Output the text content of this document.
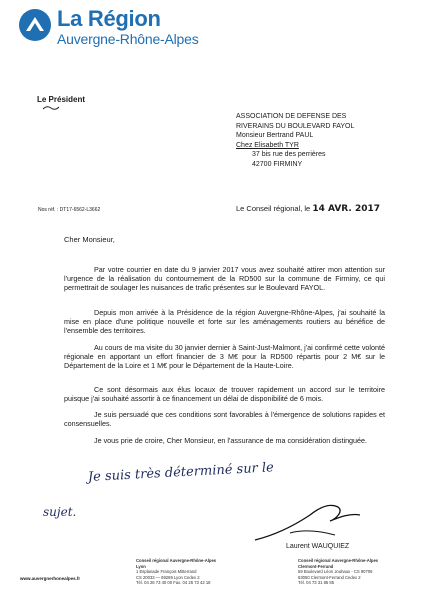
La Région
Auvergne-Rhône-Alpes
Le Président
ASSOCIATION DE DEFENSE DES
RIVERAINS DU BOULEVARD FAYOL
Monsieur Bertrand PAUL
Chez Elisabeth TYR
37 bis rue des perrières
42700 FIRMINY
Nos réf. : DT17-6562-L3662	Le Conseil régional, le 14 AVR. 2017
Cher Monsieur,
Par votre courrier en date du 9 janvier 2017 vous avez souhaité attirer mon attention sur l'urgence de la réalisation du contournement de la RD500 sur la commune de Firminy, ce qui permettrait de soulager les nuisances de trafic présentes sur le Boulevard FAYOL.
Depuis mon arrivée à la Présidence de la région Auvergne-Rhône-Alpes, j'ai souhaité la mise en place d'une politique nouvelle et forte sur les aménagements routiers au bénéfice de l'ensemble des territoires.
Au cours de ma visite du 30 janvier dernier à Saint-Just-Malmont, j'ai confirmé cette volonté régionale en apportant un effort financier de 3 M€ pour la RD500 répartis pour 2 M€ sur le Département de la Loire et 1 M€ pour le Département de la Haute-Loire.
Ce sont désormais aux élus locaux de trouver rapidement un accord sur le territoire puisque j'ai souhaité assortir à ce financement un délai de disponibilité de 6 mois.
Je suis persuadé que ces conditions sont favorables à l'émergence de solutions rapides et consensuelles.
Je vous prie de croire, Cher Monsieur, en l'assurance de ma considération distinguée.
Je suis très déterminé sur le
sujet.
Laurent WAUQUIEZ
www.auvergnerhonealpes.fr
Conseil régional Auvergne-Rhône-Alpes
Lyon
1 Esplanade François Mitterrand
CS 20033 — 69269 Lyon Cedex 2
Tél. 04 26 73 40 00 Fax. 04 26 73 42 18
Conseil régional Auvergne-Rhône-Alpes
Clermont-Ferrand
59 Boulevard Léon Jouhaux - CS 90706
63050 Clermont-Ferrand Cedex 2
Tél. 04 73 31 85 85
